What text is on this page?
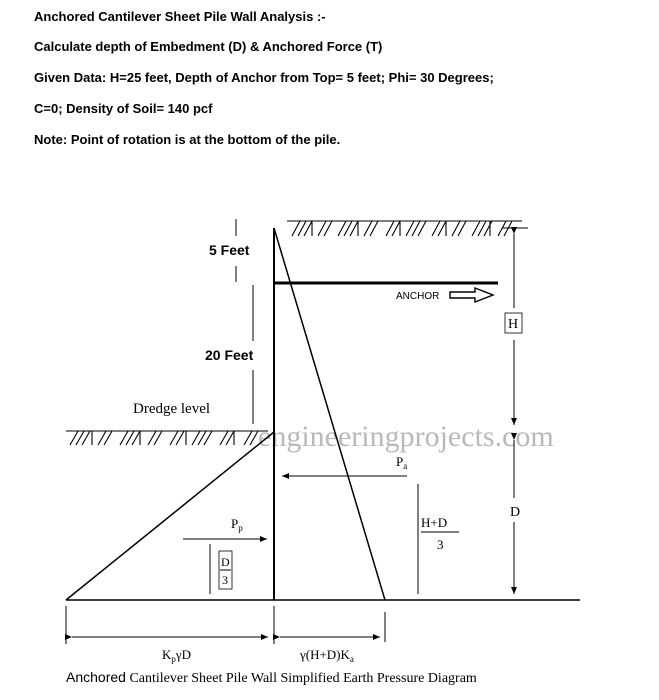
Anchored Cantilever Sheet Pile Wall Analysis :-

Calculate depth of Embedment (D) & Anchored Force (T)

Given Data: H=25 feet, Depth of Anchor from Top= 5 feet; Phi= 30 Degrees;

C=0; Density of Soil= 140 pcf

Note: Point of rotation is at the bottom of the pile.

engineeringprojects.com
ANCHOR
5 Feet
20 Feet
Dredge level
H
D
$P_a$
H+D
3
$P_p$
D
3
$K_p\gamma D$	$\gamma(H+D)K_a$
Anchored Cantilever Sheet Pile Wall Simplified Earth Pressure Diagram
